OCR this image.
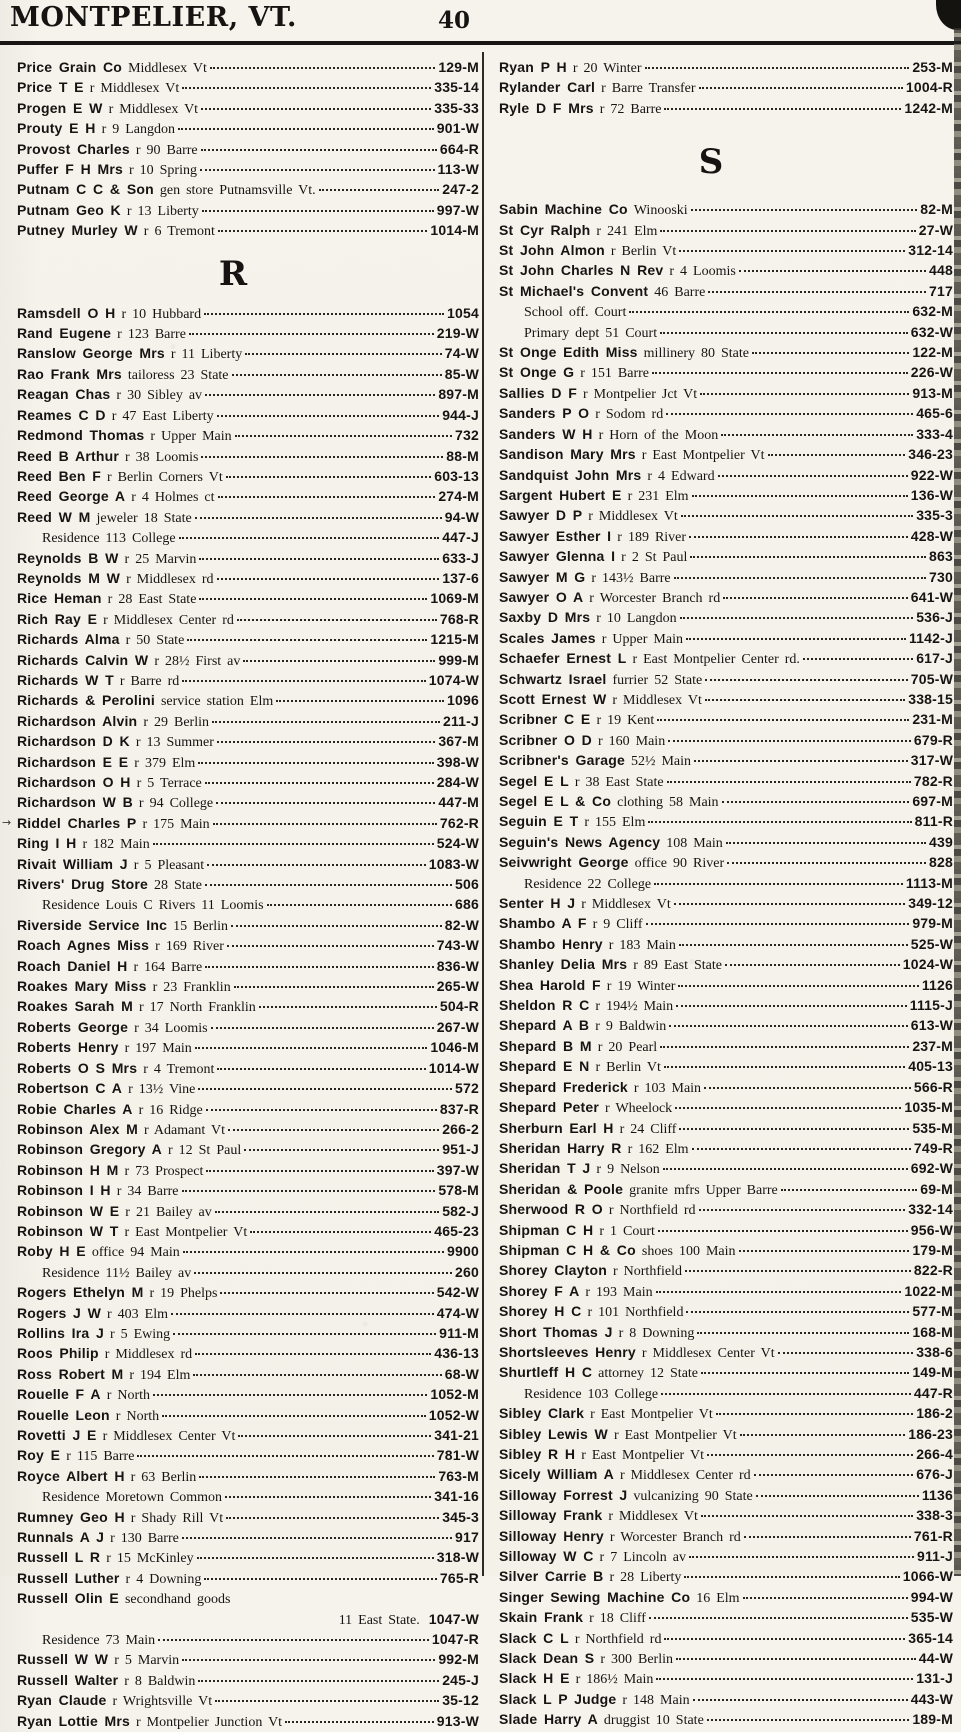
MONTPELIER, VT.	40
Price Grain Co Middlesex Vt	129-M
Price T E r Middlesex Vt	335-14
Progen E W r Middlesex Vt	335-33
Prouty E H r 9 Langdon	901-W
Provost Charles r 90 Barre	664-R
Puffer F H Mrs r 10 Spring	113-W
Putnam C C & Son gen store Putnamsville Vt.	247-2
Putnam Geo K r 13 Liberty	997-W
Putney Murley W r 6 Tremont	1014-M
R
Ramsdell O H r 10 Hubbard	1054
Rand Eugene r 123 Barre	219-W
Ranslow George Mrs r 11 Liberty	74-W
Rao Frank Mrs tailoress 23 State	85-W
Reagan Chas r 30 Sibley av	897-M
Reames C D r 47 East Liberty	944-J
Redmond Thomas r Upper Main	732
Reed B Arthur r 38 Loomis	88-M
Reed Ben F r Berlin Corners Vt	603-13
Reed George A r 4 Holmes ct	274-M
Reed W M jeweler 18 State	94-W
Residence 113 College	447-J
Reynolds B W r 25 Marvin	633-J
Reynolds M W r Middlesex rd	137-6
Rice Heman r 28 East State	1069-M
Rich Ray E r Middlesex Center rd	768-R
Richards Alma r 50 State	1215-M
Richards Calvin W r 28½ First av	999-M
Richards W T r Barre rd	1074-W
Richards & Perolini service station Elm	1096
Richardson Alvin r 29 Berlin	211-J
Richardson D K r 13 Summer	367-M
Richardson E E r 379 Elm	398-W
Richardson O H r 5 Terrace	284-W
Richardson W B r 94 College	447-M
→ Riddel Charles P r 175 Main	762-R
Ring I H r 182 Main	524-W
Rivait William J r 5 Pleasant	1083-W
Rivers' Drug Store 28 State	506
Residence Louis C Rivers 11 Loomis	686
Riverside Service Inc 15 Berlin	82-W
Roach Agnes Miss r 169 River	743-W
Roach Daniel H r 164 Barre	836-W
Roakes Mary Miss r 23 Franklin	265-W
Roakes Sarah M r 17 North Franklin	504-R
Roberts George r 34 Loomis	267-W
Roberts Henry r 197 Main	1046-M
Roberts O S Mrs r 4 Tremont	1014-W
Robertson C A r 13½ Vine	572
Robie Charles A r 16 Ridge	837-R
Robinson Alex M r Adamant Vt	266-2
Robinson Gregory A r 12 St Paul	951-J
Robinson H M r 73 Prospect	397-W
Robinson I H r 34 Barre	578-M
Robinson W E r 21 Bailey av	582-J
Robinson W T r East Montpelier Vt	465-23
Roby H E office 94 Main	9900
Residence 11½ Bailey av	260
Rogers Ethelyn M r 19 Phelps	542-W
Rogers J W r 403 Elm	474-W
Rollins Ira J r 5 Ewing	911-M
Roos Philip r Middlesex rd	436-13
Ross Robert M r 194 Elm	68-W
Rouelle F A r North	1052-M
Rouelle Leon r North	1052-W
Rovetti J E r Middlesex Center Vt	341-21
Roy E r 115 Barre	781-W
Royce Albert H r 63 Berlin	763-M
Residence Moretown Common	341-16
Rumney Geo H r Shady Rill Vt	345-3
Runnals A J r 130 Barre	917
Russell L R r 15 McKinley	318-W
Russell Luther r 4 Downing	765-R
Russell Olin E secondhand goods
11 East State. 1047-W
Residence 73 Main	1047-R
Russell W W r 5 Marvin	992-M
Russell Walter r 8 Baldwin	245-J
Ryan Claude r Wrightsville Vt	35-12
Ryan Lottie Mrs r Montpelier Junction Vt	913-W
Ryan P H r 20 Winter	253-M
Rylander Carl r Barre Transfer	1004-R
Ryle D F Mrs r 72 Barre	1242-M
S
Sabin Machine Co Winooski	82-M
St Cyr Ralph r 241 Elm	27-W
St John Almon r Berlin Vt	312-14
St John Charles N Rev r 4 Loomis	448
St Michael's Convent 46 Barre	717
School off. Court	632-M
Primary dept 51 Court	632-W
St Onge Edith Miss millinery 80 State	122-M
St Onge G r 151 Barre	226-W
Sallies D F r Montpelier Jct Vt	913-M
Sanders P O r Sodom rd	465-6
Sanders W H r Horn of the Moon	333-4
Sandison Mary Mrs r East Montpelier Vt	346-23
Sandquist John Mrs r 4 Edward	922-W
Sargent Hubert E r 231 Elm	136-W
Sawyer D P r Middlesex Vt	335-3
Sawyer Esther I r 189 River	428-W
Sawyer Glenna I r 2 St Paul	863
Sawyer M G r 143½ Barre	730
Sawyer O A r Worcester Branch rd	641-W
Saxby D Mrs r 10 Langdon	536-J
Scales James r Upper Main	1142-J
Schaefer Ernest L r East Montpelier Center rd.	617-J
Schwartz Israel furrier 52 State	705-W
Scott Ernest W r Middlesex Vt	338-15
Scribner C E r 19 Kent	231-M
Scribner O D r 160 Main	679-R
Scribner's Garage 52½ Main	317-W
Segel E L r 38 East State	782-R
Segel E L & Co clothing 58 Main	697-M
Seguin E T r 155 Elm	811-R
Seguin's News Agency 108 Main	439
Seivwright George office 90 River	828
Residence 22 College	1113-M
Senter H J r Middlesex Vt	349-12
Shambo A F r 9 Cliff	979-M
Shambo Henry r 183 Main	525-W
Shanley Delia Mrs r 89 East State	1024-W
Shea Harold F r 19 Winter	1126
Sheldon R C r 194½ Main	1115-J
Shepard A B r 9 Baldwin	613-W
Shepard B M r 20 Pearl	237-M
Shepard E N r Berlin Vt	405-13
Shepard Frederick r 103 Main	566-R
Shepard Peter r Wheelock	1035-M
Sherburn Earl H r 24 Cliff	535-M
Sheridan Harry R r 162 Elm	749-R
Sheridan T J r 9 Nelson	692-W
Sheridan & Poole granite mfrs Upper Barre	69-M
Sherwood R O r Northfield rd	332-14
Shipman C H r 1 Court	956-W
Shipman C H & Co shoes 100 Main	179-M
Shorey Clayton r Northfield	822-R
Shorey F A r 193 Main	1022-M
Shorey H C r 101 Northfield	577-M
Short Thomas J r 8 Downing	168-M
Shortsleeves Henry r Middlesex Center Vt	338-6
Shurtleff H C attorney 12 State	149-M
Residence 103 College	447-R
Sibley Clark r East Montpelier Vt	186-2
Sibley Lewis W r East Montpelier Vt	186-23
Sibley R H r East Montpelier Vt	266-4
Sicely William A r Middlesex Center rd	676-J
Silloway Forrest J vulcanizing 90 State	1136
Silloway Frank r Middlesex Vt	338-3
Silloway Henry r Worcester Branch rd	761-R
Silloway W C r 7 Lincoln av	911-J
Silver Carrie B r 28 Liberty	1066-W
Singer Sewing Machine Co 16 Elm	994-W
Skain Frank r 18 Cliff	535-W
Slack C L r Northfield rd	365-14
Slack Dean S r 300 Berlin	44-W
Slack H E r 186½ Main	131-J
Slack L P Judge r 148 Main	443-W
Slade Harry A druggist 10 State	189-M
